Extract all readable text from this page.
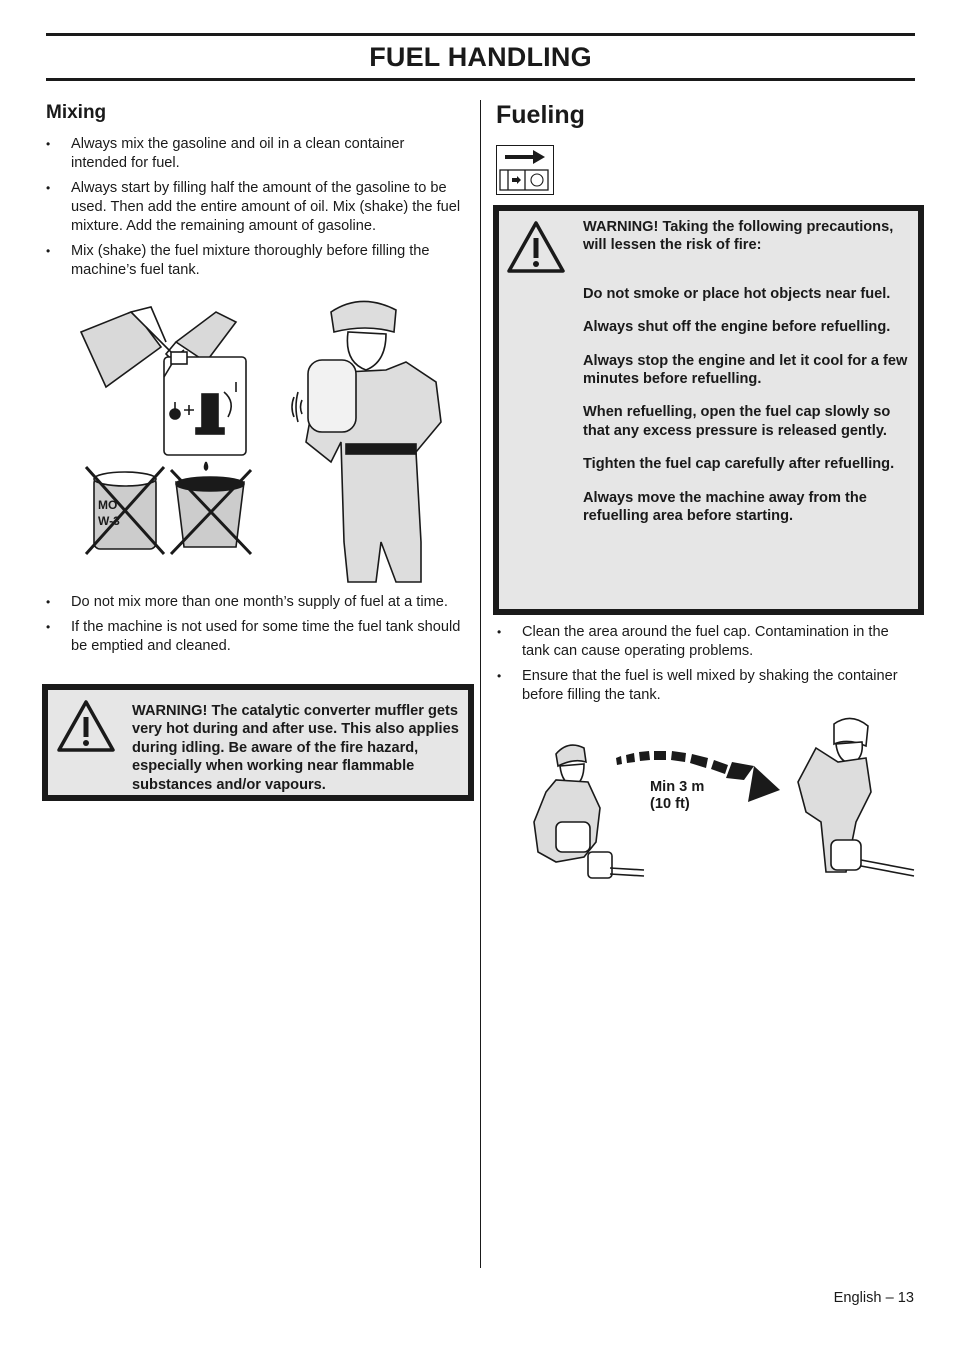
FUEL HANDLING
Mixing
• Always mix the gasoline and oil in a clean container intended for fuel.
• Always start by filling half the amount of the gasoline to be used. Then add the entire amount of oil. Mix (shake) the fuel mixture. Add the remaining amount of gasoline.
• Mix (shake) the fuel mixture thoroughly before filling the machine’s fuel tank.
MO
W-3
• Do not mix more than one month’s supply of fuel at a time.
• If the machine is not used for some time the fuel tank should be emptied and cleaned.

WARNING! The catalytic converter muffler gets very hot during and after use. This also applies during idling. Be aware of the fire hazard, especially when working near flammable substances and/or vapours.

Fueling

WARNING! Taking the following precautions, will lessen the risk of fire:

Do not smoke or place hot objects near fuel.

Always shut off the engine before refuelling.

Always stop the engine and let it cool for a few minutes before refuelling.

When refuelling, open the fuel cap slowly so that any excess pressure is released gently.

Tighten the fuel cap carefully after refuelling.

Always move the machine away from the refuelling area before starting.

• Clean the area around the fuel cap. Contamination in the tank can cause operating problems.
• Ensure that the fuel is well mixed by shaking the container before filling the tank.
Min 3 m
(10 ft)
English – 13
